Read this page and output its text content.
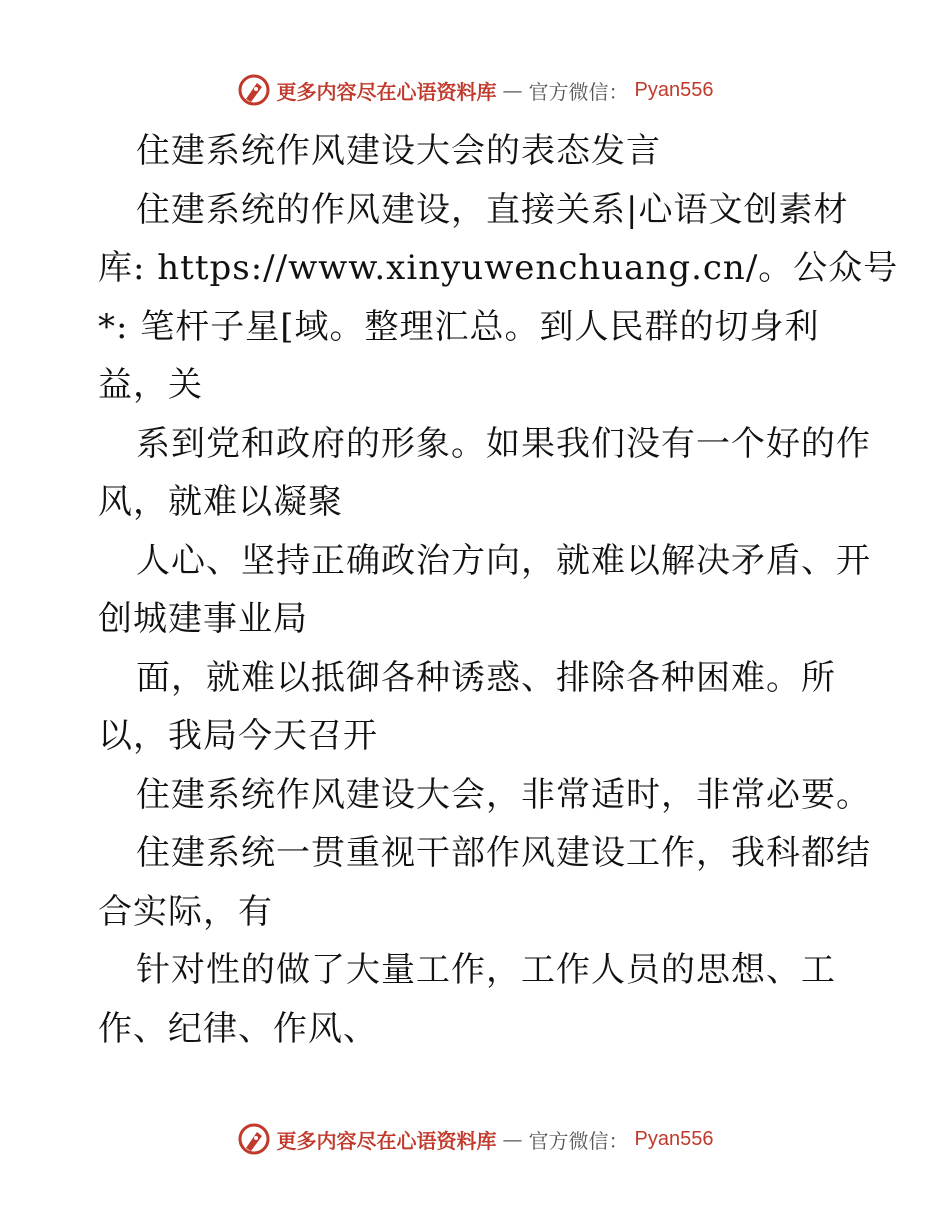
更多内容尽在心语资料库 — 官方微信： Pyan556
住建系统作风建设大会的表态发言
住建系统的作风建设，直接关系|心语文创素材
库: https://www.xinyuwenchuang.cn/。公众号
*: 笔杆子星[域。整理汇总。到人民群的切身利
益，关
系到党和政府的形象。如果我们没有一个好的作
风，就难以凝聚
人心、坚持正确政治方向，就难以解决矛盾、开
创城建事业局
面，就难以抵御各种诱惑、排除各种困难。所
以，我局今天召开
住建系统作风建设大会，非常适时，非常必要。
住建系统一贯重视干部作风建设工作，我科都结
合实际，有
针对性的做了大量工作，工作人员的思想、工
作、纪律、作风、
更多内容尽在心语资料库 — 官方微信： Pyan556
